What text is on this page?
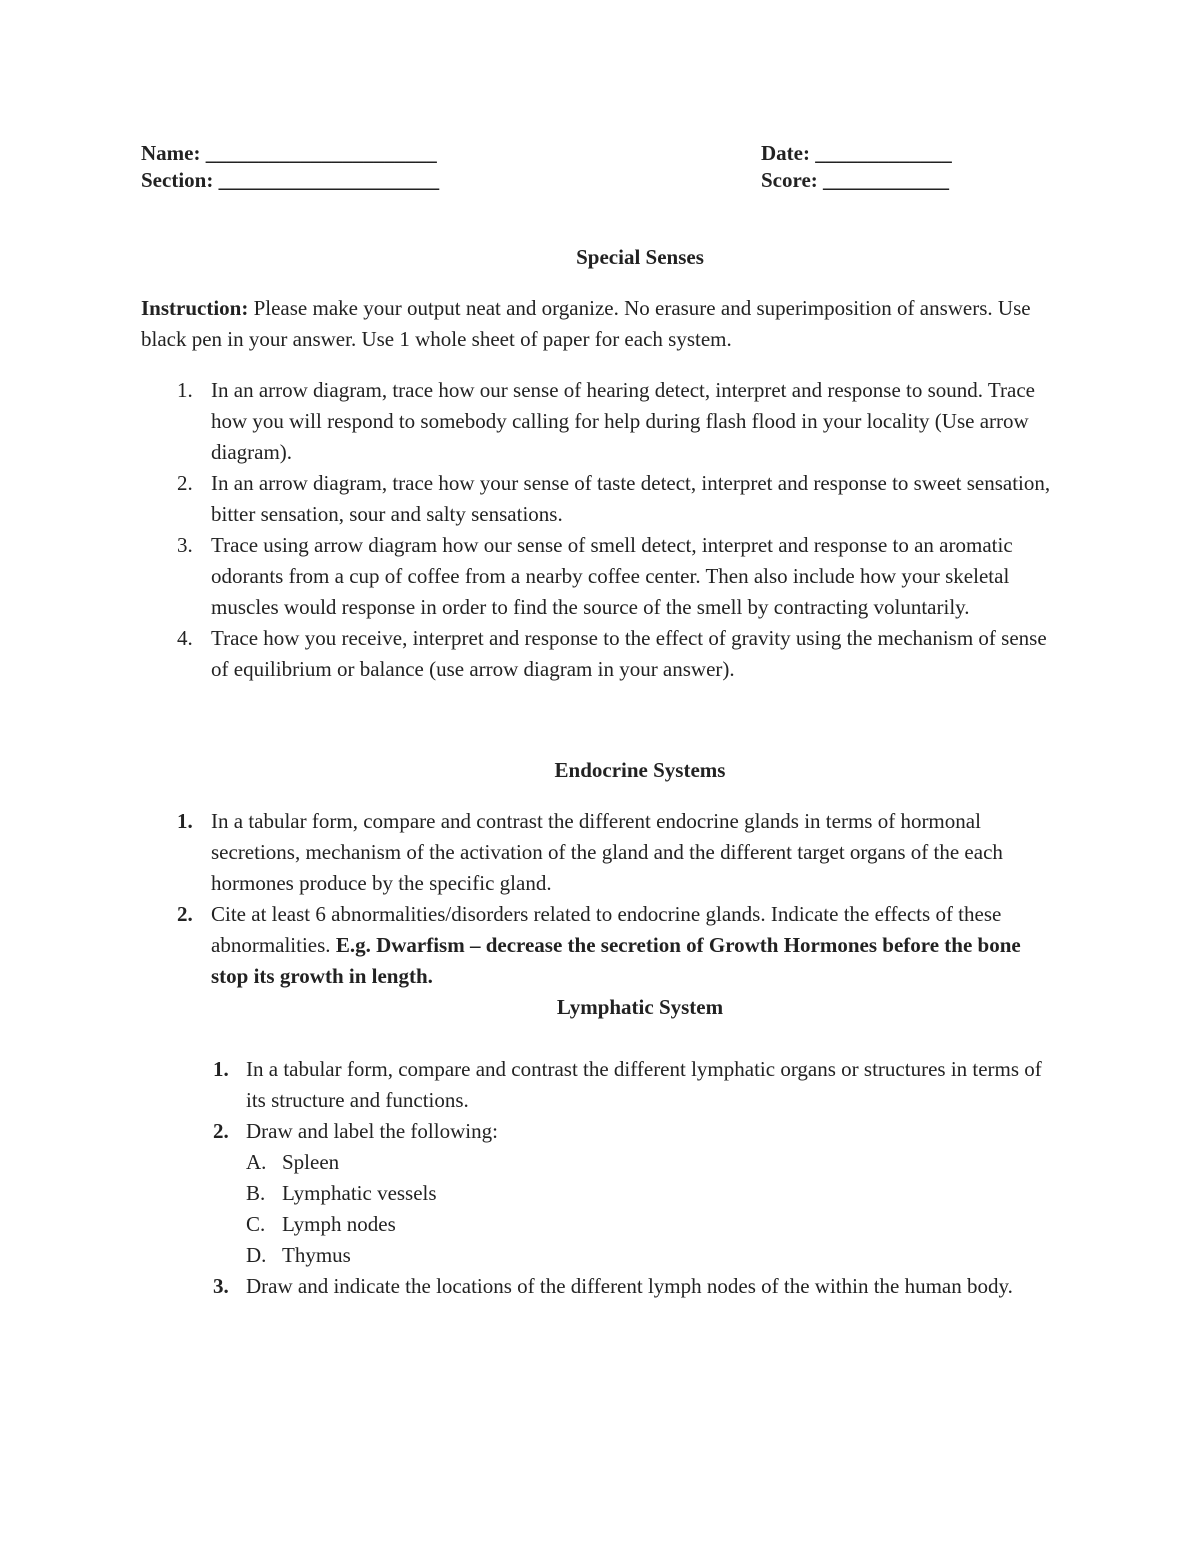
Name: ______________________	Date: _____________
Section: _____________________	Score: ____________
Special Senses

Instruction: Please make your output neat and organize. No erasure and superimposition of answers. Use black pen in your answer. Use 1 whole sheet of paper for each system.

1. In an arrow diagram, trace how our sense of hearing detect, interpret and response to sound. Trace how you will respond to somebody calling for help during flash flood in your locality (Use arrow diagram).
2. In an arrow diagram, trace how your sense of taste detect, interpret and response to sweet sensation, bitter sensation, sour and salty sensations.
3. Trace using arrow diagram how our sense of smell detect, interpret and response to an aromatic odorants from a cup of coffee from a nearby coffee center. Then also include how your skeletal muscles would response in order to find the source of the smell by contracting voluntarily.
4. Trace how you receive, interpret and response to the effect of gravity using the mechanism of sense of equilibrium or balance (use arrow diagram in your answer).
Endocrine Systems
1. In a tabular form, compare and contrast the different endocrine glands in terms of hormonal secretions, mechanism of the activation of the gland and the different target organs of the each hormones produce by the specific gland.
2. Cite at least 6 abnormalities/disorders related to endocrine glands. Indicate the effects of these abnormalities. E.g. Dwarfism – decrease the secretion of Growth Hormones before the bone stop its growth in length.
Lymphatic System
1. In a tabular form, compare and contrast the different lymphatic organs or structures in terms of its structure and functions.
2. Draw and label the following:
A. Spleen
B. Lymphatic vessels
C. Lymph nodes
D. Thymus
3. Draw and indicate the locations of the different lymph nodes of the within the human body.
